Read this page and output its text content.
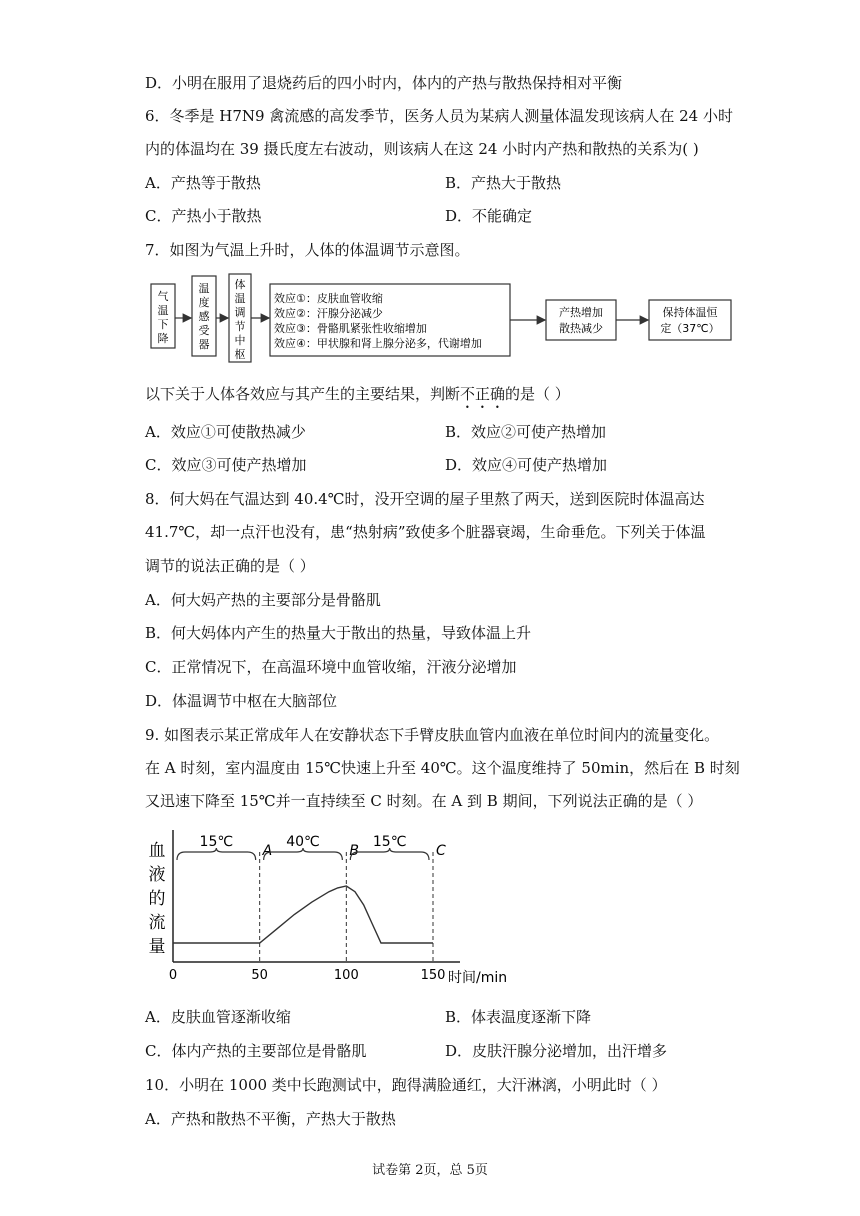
D．小明在服用了退烧药后的四小时内，体内的产热与散热保持相对平衡
6．冬季是 H7N9 禽流感的高发季节，医务人员为某病人测量体温发现该病人在 24 小时
内的体温均在 39 摄氏度左右波动，则该病人在这 24 小时内产热和散热的关系为( )
A．产热等于散热	B．产热大于散热
C．产热小于散热	D．不能确定
7．如图为气温上升时，人体的体温调节示意图。
气
温
下
降
温
度
感
受
器
体
温
调
节
中
枢
效应①：皮肤血管收缩
效应②：汗腺分泌减少
效应③：骨骼肌紧张性收缩增加
效应④：甲状腺和肾上腺分泌多，代谢增加
产热增加
散热减少
保持体温恒
定（37℃）
以下关于人体各效应与其产生的主要结果，判断不正确的是（ ）
A．效应①可使散热减少	B．效应②可使产热增加
C．效应③可使产热增加	D．效应④可使产热增加
8．何大妈在气温达到 40.4℃时，没开空调的屋子里熬了两天，送到医院时体温高达
41.7℃，却一点汗也没有，患“热射病”致使多个脏器衰竭，生命垂危。下列关于体温
调节的说法正确的是（ ）
A．何大妈产热的主要部分是骨骼肌
B．何大妈体内产生的热量大于散出的热量，导致体温上升
C．正常情况下，在高温环境中血管收缩，汗液分泌增加
D．体温调节中枢在大脑部位
9. 如图表示某正常成年人在安静状态下手臂皮肤血管内血液在单位时间内的流量变化。
在 A 时刻，室内温度由 15℃快速上升至 40℃。这个温度维持了 50min，然后在 B 时刻
又迅速下降至 15℃并一直持续至 C 时刻。在 A 到 B 期间，下列说法正确的是（ ）
血
液
的
流
量
0	50	100	150 时间/min
A	B	C
15℃	40℃	15℃
A．皮肤血管逐渐收缩	B．体表温度逐渐下降
C．体内产热的主要部位是骨骼肌	D．皮肤汗腺分泌增加，出汗增多
10．小明在 1000 类中长跑测试中，跑得满脸通红，大汗淋漓，小明此时（ ）
A．产热和散热不平衡，产热大于散热
试卷第 2页，总 5页
